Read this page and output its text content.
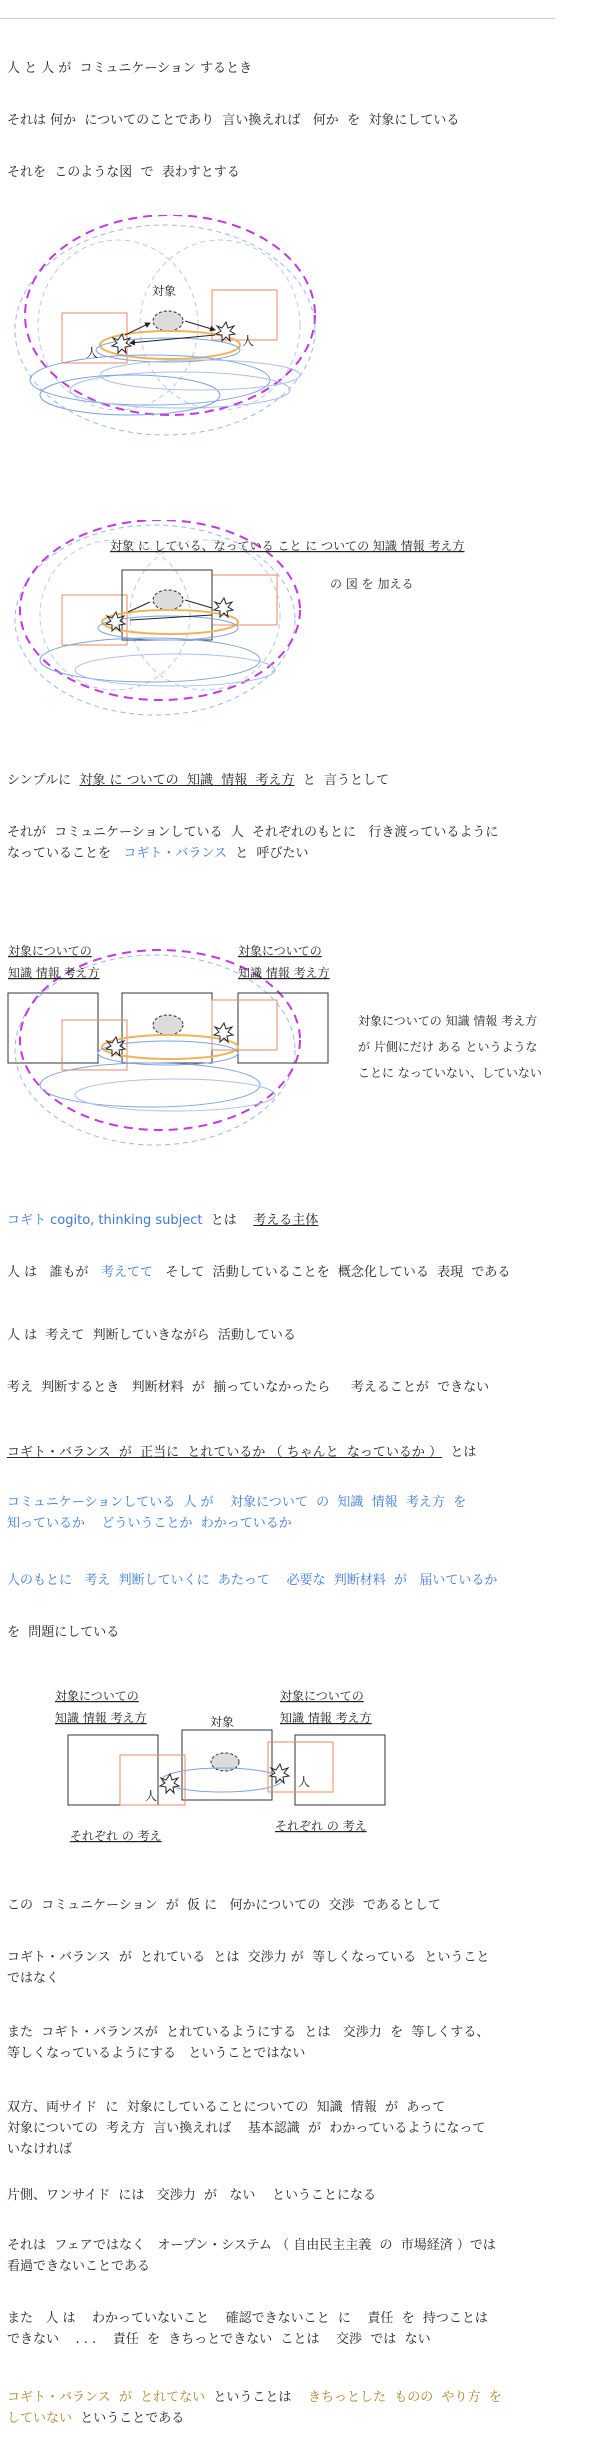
人 と 人 が  コミュニケーション するとき

それは 何か  についてのことであり  言い換えれば   何か  を  対象にしている

それを  このような図  で  表わすとする

対象
人
人
対象 に している、なっている こと に ついての 知識 情報 考え方
の 図 を 加える

シンプルに  対象 に ついての  知識  情報  考え方  と  言うとして

それが  コミュニケーションしている  人  それぞれのもとに   行き渡っているように
なっていることを   コギト・バランス  と  呼びたい

対象についての知識 情報 考え方
対象についての知識 情報 考え方
対象についての 知識 情報 考え方が 片側にだけ ある というようなことに なっていない、していない

コギト cogito, thinking subject  とは    考える主体

人 は   誰もが   考えてて   そして  活動していることを  概念化している  表現  である

人 は  考えて  判断していきながら  活動している

考え  判断するとき   判断材料  が  揃っていなかったら     考えることが  できない

コギト・バランス  が  正当に  とれているか （ ちゃんと  なっているか ）  とは

コミュニケーションしている  人 が    対象について  の  知識  情報  考え方  を
知っているか    どういうことか  わかっているか

人のもとに   考え  判断していくに  あたって    必要な  判断材料  が   届いているか

を  問題にしている

対象についての知識 情報 考え方
対象についての知識 情報 考え方
対象
人
人
それぞれ の 考え
それぞれ の 考え

この  コミュニケーション  が  仮 に   何かについての  交渉  であるとして

コギト・バランス  が  とれている  とは  交渉力 が  等しくなっている  ということ
ではなく

また  コギト・バランスが  とれているようにする  とは   交渉力  を  等しくする、
等しくなっているようにする   ということではない

双方、両サイド  に  対象にしていることについての  知識  情報  が  あって
対象についての  考え方  言い換えれば    基本認識  が  わかっているようになって
いなければ

片側、ワンサイド  には   交渉力  が   ない    ということになる

それは  フェアではなく   オープン・システム （ 自由民主主義  の  市場経済 ）では
看過できないことである

また   人 は    わかっていないこと    確認できないこと  に    責任  を  持つことは
できない    . . .    責任  を  きちっとできない  ことは    交渉  では  ない

コギト・バランス  が  とれてない  ということは    きちっとした  ものの  やり方  を
していない  ということである
